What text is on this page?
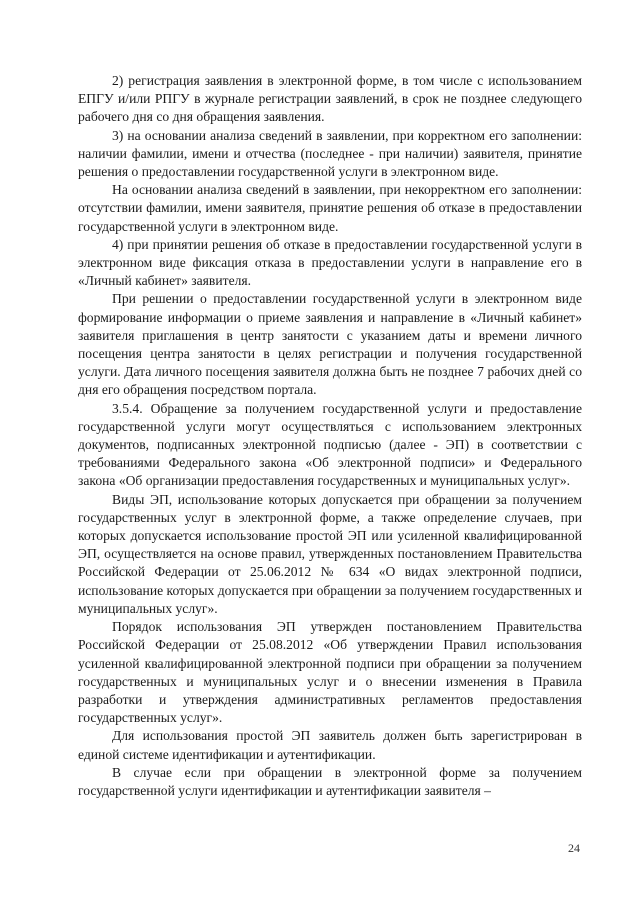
2) регистрация заявления в электронной форме, в том числе с использованием ЕПГУ и/или РПГУ в журнале регистрации заявлений, в срок не позднее следующего рабочего дня со дня обращения заявления.

3) на основании анализа сведений в заявлении, при корректном его заполнении: наличии фамилии, имени и отчества (последнее - при наличии) заявителя, принятие решения о предоставлении государственной услуги в электронном виде.

На основании анализа сведений в заявлении, при некорректном его заполнении: отсутствии фамилии, имени заявителя, принятие решения об отказе в предоставлении государственной услуги в электронном виде.

4) при принятии решения об отказе в предоставлении государственной услуги в электронном виде фиксация отказа в предоставлении услуги в направление его в «Личный кабинет» заявителя.

При решении о предоставлении государственной услуги в электронном виде формирование информации о приеме заявления и направление в «Личный кабинет» заявителя приглашения в центр занятости с указанием даты и времени личного посещения центра занятости в целях регистрации и получения государственной услуги. Дата личного посещения заявителя должна быть не позднее 7 рабочих дней со дня его обращения посредством портала.

3.5.4. Обращение за получением государственной услуги и предоставление государственной услуги могут осуществляться с использованием электронных документов, подписанных электронной подписью (далее - ЭП) в соответствии с требованиями Федерального закона «Об электронной подписи» и Федерального закона «Об организации предоставления государственных и муниципальных услуг».

Виды ЭП, использование которых допускается при обращении за получением государственных услуг в электронной форме, а также определение случаев, при которых допускается использование простой ЭП или усиленной квалифицированной ЭП, осуществляется на основе правил, утвержденных постановлением Правительства Российской Федерации от 25.06.2012 № 634 «О видах электронной подписи, использование которых допускается при обращении за получением государственных и муниципальных услуг».

Порядок использования ЭП утвержден постановлением Правительства Российской Федерации от 25.08.2012 «Об утверждении Правил использования усиленной квалифицированной электронной подписи при обращении за получением государственных и муниципальных услуг и о внесении изменения в Правила разработки и утверждения административных регламентов предоставления государственных услуг».

Для использования простой ЭП заявитель должен быть зарегистрирован в единой системе идентификации и аутентификации.

В случае если при обращении в электронной форме за получением государственной услуги идентификации и аутентификации заявителя –

24
